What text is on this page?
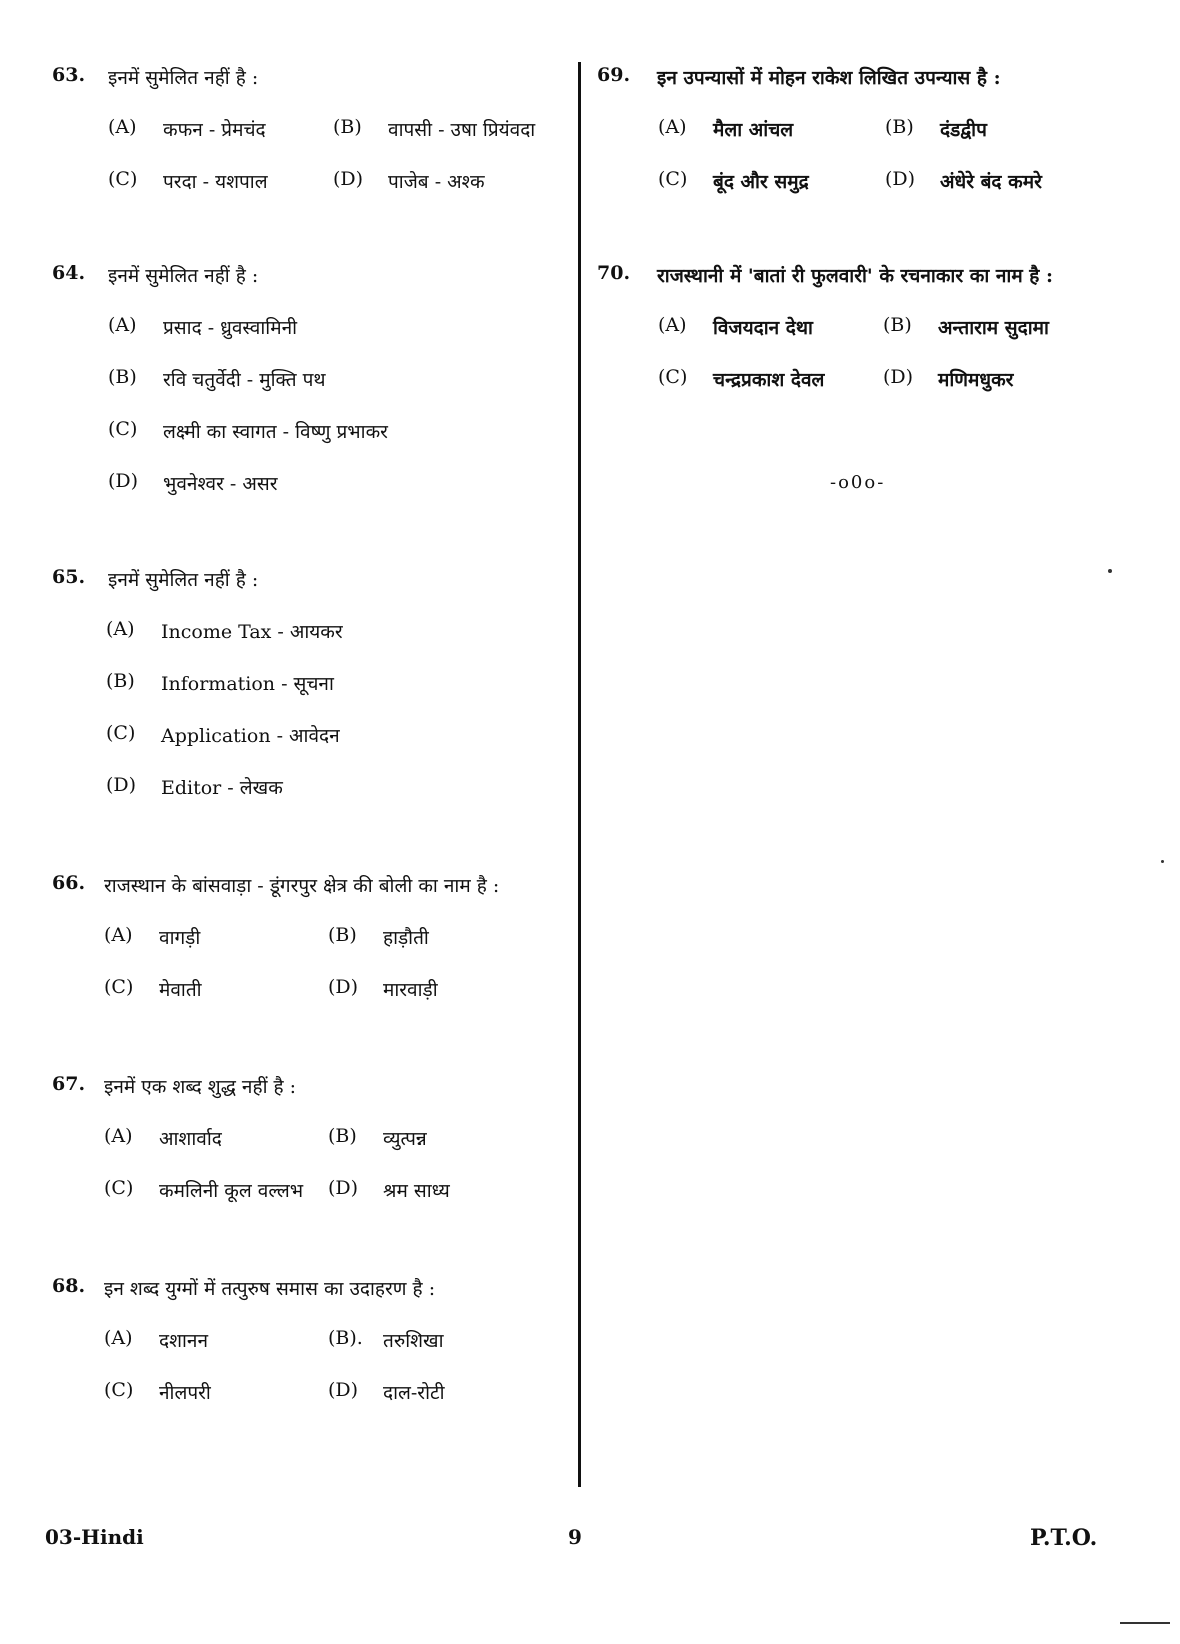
63. इनमें सुमेलित नहीं है :
(A) कफन - प्रेमचंद	(B) वापसी - उषा प्रियंवदा
(C) परदा - यशपाल	(D) पाजेब - अश्क
64. इनमें सुमेलित नहीं है :
(A) प्रसाद - ध्रुवस्वामिनी
(B) रवि चतुर्वेदी - मुक्ति पथ
(C) लक्ष्मी का स्वागत - विष्णु प्रभाकर
(D) भुवनेश्वर - असर
65. इनमें सुमेलित नहीं है :
(A) Income Tax - आयकर
(B) Information - सूचना
(C) Application - आवेदन
(D) Editor - लेखक
66. राजस्थान के बांसवाड़ा - डूंगरपुर क्षेत्र की बोली का नाम है :
(A) वागड़ी	(B) हाड़ौती
(C) मेवाती	(D) मारवाड़ी
67. इनमें एक शब्द शुद्ध नहीं है :
(A) आशार्वाद	(B) व्युत्पन्न
(C) कमलिनी कूल वल्लभ (D) श्रम साध्य
68. इन शब्द युग्मों में तत्पुरुष समास का उदाहरण है :
(A) दशानन	(B). तरुशिखा
(C) नीलपरी	(D) दाल-रोटी
69. इन उपन्यासों में मोहन राकेश लिखित उपन्यास है :
(A) मैला आंचल	(B) दंडद्वीप
(C) बूंद और समुद्र	(D) अंधेरे बंद कमरे
70. राजस्थानी में 'बातां री फुलवारी' के रचनाकार का नाम है :
(A) विजयदान देथा	(B) अन्ताराम सुदामा
(C) चन्द्रप्रकाश देवल	(D) मणिमधुकर
-o0o-
03-Hindi	9	P.T.O.
